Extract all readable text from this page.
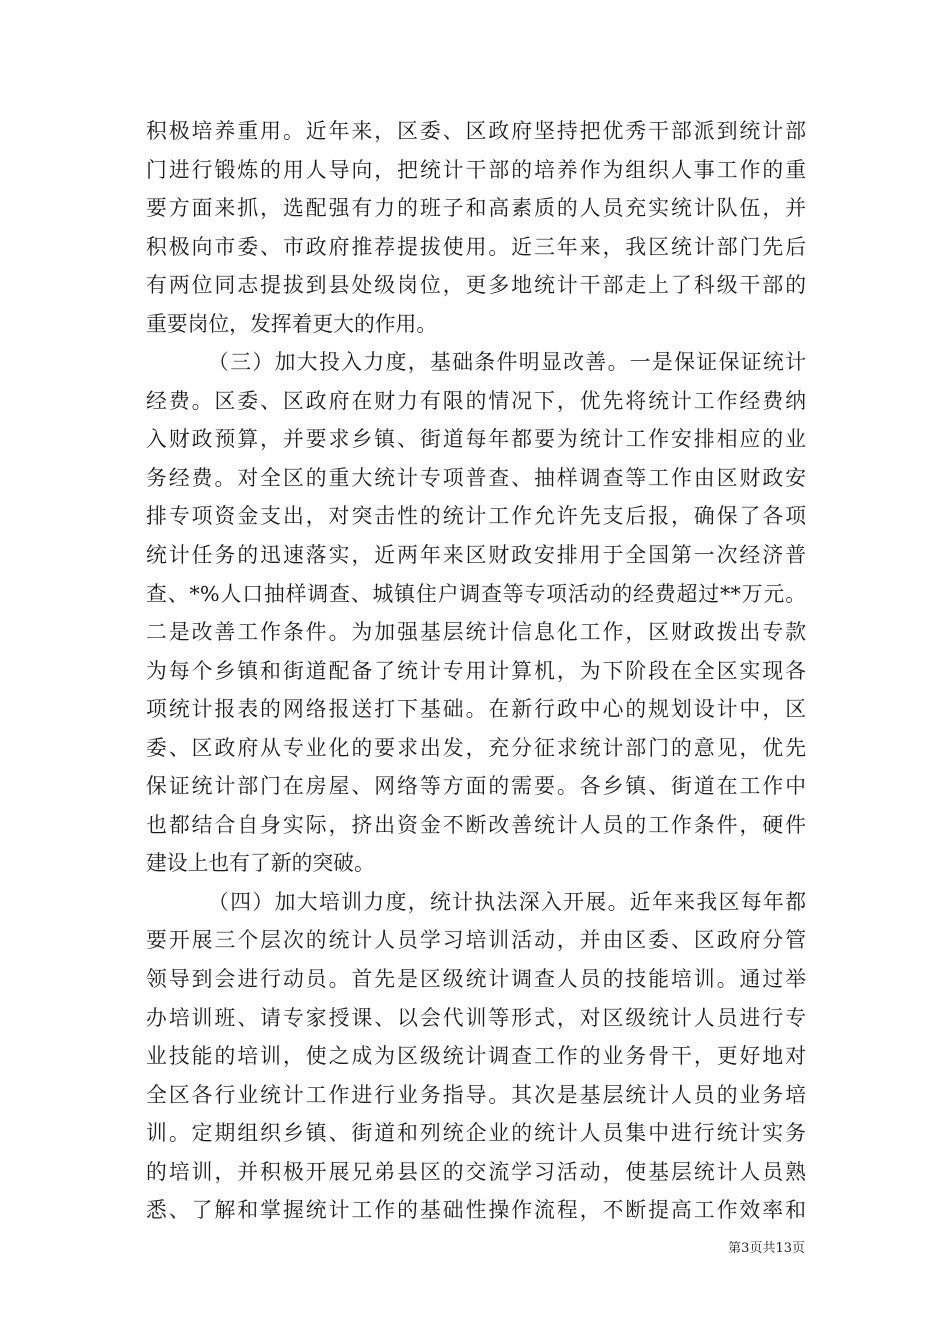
积极培养重用。近年来，区委、区政府坚持把优秀干部派到统计部
门进行锻炼的用人导向，把统计干部的培养作为组织人事工作的重
要方面来抓，选配强有力的班子和高素质的人员充实统计队伍，并
积极向市委、市政府推荐提拔使用。近三年来，我区统计部门先后
有两位同志提拔到县处级岗位，更多地统计干部走上了科级干部的
重要岗位，发挥着更大的作用。
（三）加大投入力度，基础条件明显改善。一是保证保证统计
经费。区委、区政府在财力有限的情况下，优先将统计工作经费纳
入财政预算，并要求乡镇、街道每年都要为统计工作安排相应的业
务经费。对全区的重大统计专项普查、抽样调查等工作由区财政安
排专项资金支出，对突击性的统计工作允许先支后报，确保了各项
统计任务的迅速落实，近两年来区财政安排用于全国第一次经济普
查、*%人口抽样调查、城镇住户调查等专项活动的经费超过**万元。
二是改善工作条件。为加强基层统计信息化工作，区财政拨出专款
为每个乡镇和街道配备了统计专用计算机，为下阶段在全区实现各
项统计报表的网络报送打下基础。在新行政中心的规划设计中，区
委、区政府从专业化的要求出发，充分征求统计部门的意见，优先
保证统计部门在房屋、网络等方面的需要。各乡镇、街道在工作中
也都结合自身实际，挤出资金不断改善统计人员的工作条件，硬件
建设上也有了新的突破。
（四）加大培训力度，统计执法深入开展。近年来我区每年都
要开展三个层次的统计人员学习培训活动，并由区委、区政府分管
领导到会进行动员。首先是区级统计调查人员的技能培训。通过举
办培训班、请专家授课、以会代训等形式，对区级统计人员进行专
业技能的培训，使之成为区级统计调查工作的业务骨干，更好地对
全区各行业统计工作进行业务指导。其次是基层统计人员的业务培
训。定期组织乡镇、街道和列统企业的统计人员集中进行统计实务
的培训，并积极开展兄弟县区的交流学习活动，使基层统计人员熟
悉、了解和掌握统计工作的基础性操作流程，不断提高工作效率和
第3页共13页
